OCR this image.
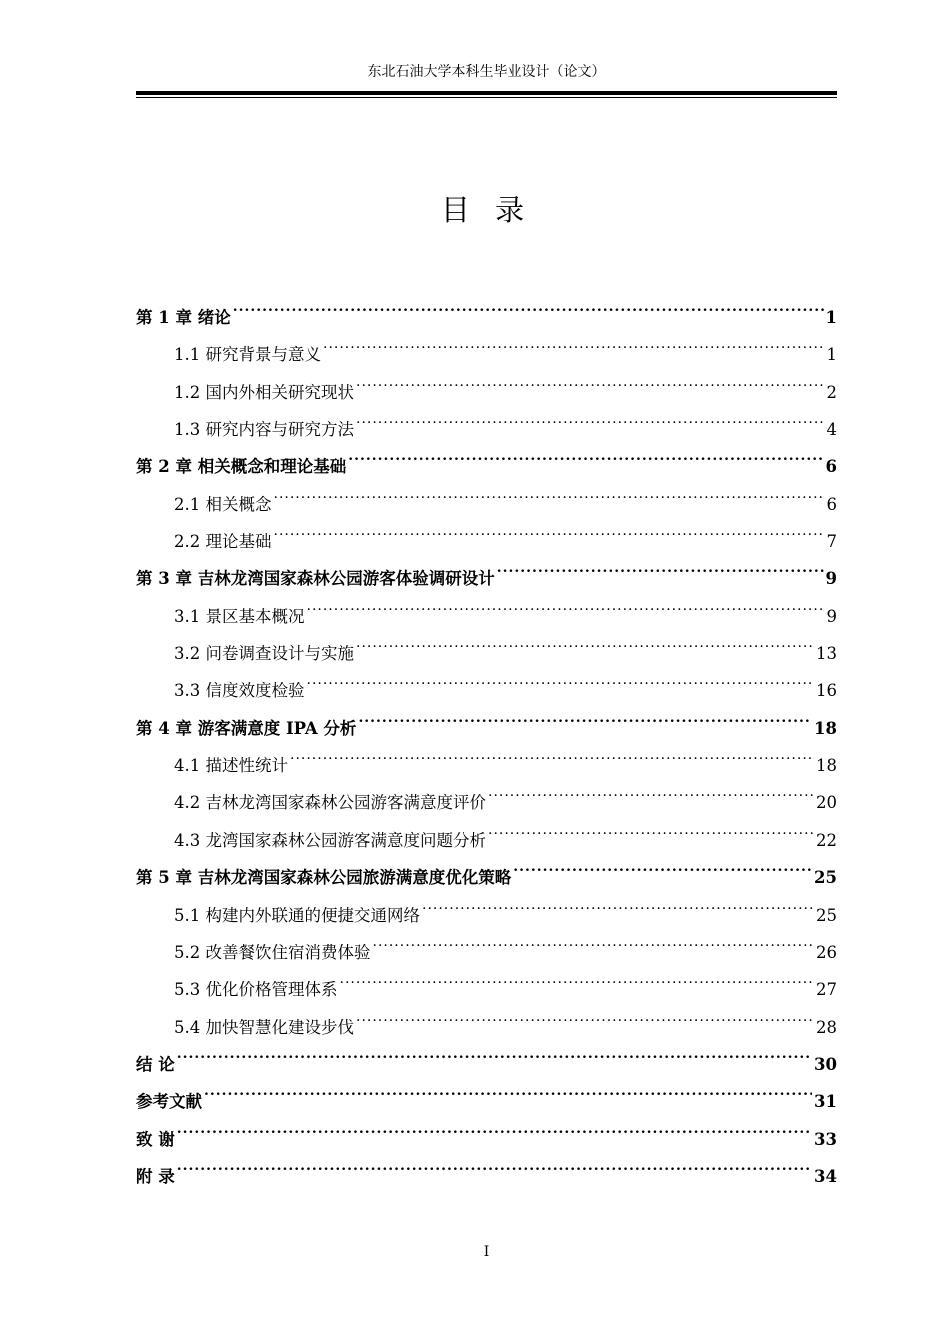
东北石油大学本科生毕业设计（论文）
目 录
第 1 章 绪论 .....	1
1.1 研究背景与意义 .....	1
1.2 国内外相关研究现状 .....	2
1.3 研究内容与研究方法 .....	4
第 2 章 相关概念和理论基础 .....	6
2.1 相关概念 .....	6
2.2 理论基础 .....	7
第 3 章 吉林龙湾国家森林公园游客体验调研设计 .....	9
3.1 景区基本概况 .....	9
3.2 问卷调查设计与实施 .....	13
3.3 信度效度检验 .....	16
第 4 章 游客满意度 IPA 分析 .....	18
4.1 描述性统计 .....	18
4.2 吉林龙湾国家森林公园游客满意度评价 .....	20
4.3 龙湾国家森林公园游客满意度问题分析 .....	22
第 5 章 吉林龙湾国家森林公园旅游满意度优化策略 .....	25
5.1 构建内外联通的便捷交通网络 .....	25
5.2 改善餐饮住宿消费体验 .....	26
5.3 优化价格管理体系 .....	27
5.4 加快智慧化建设步伐 .....	28
结 论 .....	30
参考文献 .....	31
致 谢 .....	33
附 录 .....	34
I
